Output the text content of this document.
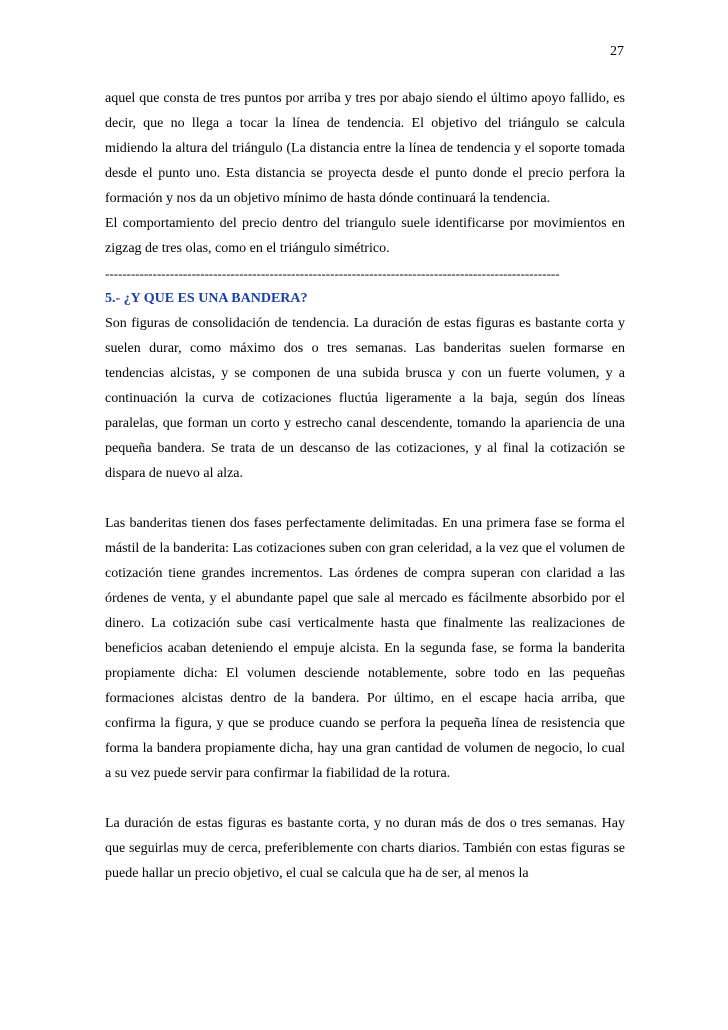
27

aquel que consta de tres puntos por arriba y tres por abajo siendo el último apoyo fallido, es decir, que no llega a tocar la línea de tendencia. El objetivo del triángulo se calcula midiendo la altura del triángulo (La distancia entre la línea de tendencia y el soporte tomada desde el punto uno. Esta distancia se proyecta desde el punto donde el precio perfora la formación y nos da un objetivo mínimo de hasta dónde continuará la tendencia.

El comportamiento del precio dentro del triangulo suele identificarse por movimientos en zigzag de tres olas, como en el triángulo simétrico.

---------------------------------------------------------------------------------------------------------
5.- ¿Y QUE ES UNA BANDERA?

Son figuras de consolidación de tendencia. La duración de estas figuras es bastante corta y suelen durar, como máximo dos o tres semanas. Las banderitas suelen formarse en tendencias alcistas, y se componen de una subida brusca y con un fuerte volumen, y a continuación la curva de cotizaciones fluctúa ligeramente a la baja, según dos líneas paralelas, que forman un corto y estrecho canal descendente, tomando la apariencia de una pequeña bandera. Se trata de un descanso de las cotizaciones, y al final la cotización se dispara de nuevo al alza.

Las banderitas tienen dos fases perfectamente delimitadas. En una primera fase se forma el mástil de la banderita: Las cotizaciones suben con gran celeridad, a la vez que el volumen de cotización tiene grandes incrementos. Las órdenes de compra superan con claridad a las órdenes de venta, y el abundante papel que sale al mercado es fácilmente absorbido por el dinero. La cotización sube casi verticalmente hasta que finalmente las realizaciones de beneficios acaban deteniendo el empuje alcista. En la segunda fase, se forma la banderita propiamente dicha: El volumen desciende notablemente, sobre todo en las pequeñas formaciones alcistas dentro de la bandera. Por último, en el escape hacia arriba, que confirma la figura, y que se produce cuando se perfora la pequeña línea de resistencia que forma la bandera propiamente dicha, hay una gran cantidad de volumen de negocio, lo cual a su vez puede servir para confirmar la fiabilidad de la rotura.

La duración de estas figuras es bastante corta, y no duran más de dos o tres semanas. Hay que seguirlas muy de cerca, preferiblemente con charts diarios. También con estas figuras se puede hallar un precio objetivo, el cual se calcula que ha de ser, al menos la
